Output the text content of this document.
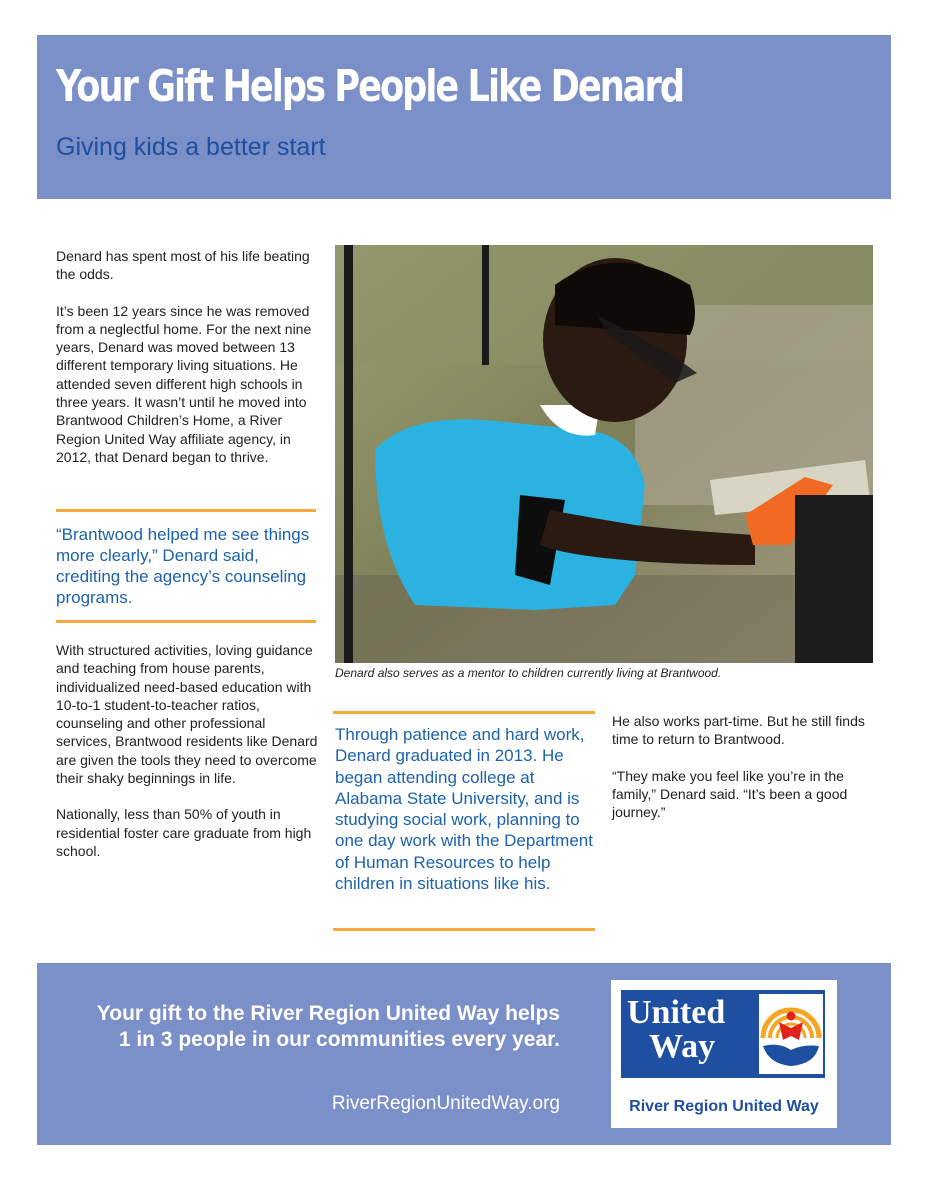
Your Gift Helps People Like Denard
Giving kids a better start

Denard has spent most of his life beating the odds.

It’s been 12 years since he was removed from a neglectful home. For the next nine years, Denard was moved between 13 different temporary living situations. He attended seven different high schools in three years. It wasn’t until he moved into Brantwood Children’s Home, a River Region United Way affiliate agency, in 2012, that Denard began to thrive.

“Brantwood helped me see things more clearly,” Denard said, crediting the agency’s counseling programs.

With structured activities, loving guidance and teaching from house parents, individualized need-based education with 10-to-1 student-to-teacher ratios, counseling and other professional services, Brantwood residents like Denard are given the tools they need to overcome their shaky beginnings in life.

Nationally, less than 50% of youth in residential foster care graduate from high school.

Denard also serves as a mentor to children currently living at Brantwood.

Through patience and hard work, Denard graduated in 2013. He began attending college at Alabama State University, and is studying social work, planning to one day work with the Department of Human Resources to help children in situations like his.

He also works part-time. But he still finds time to return to Brantwood.

“They make you feel like you’re in the family,” Denard said. “It’s been a good journey.”

Your gift to the River Region United Way helps
1 in 3 people in our communities every year.

RiverRegionUnitedWay.org
United
Way
River Region United Way
